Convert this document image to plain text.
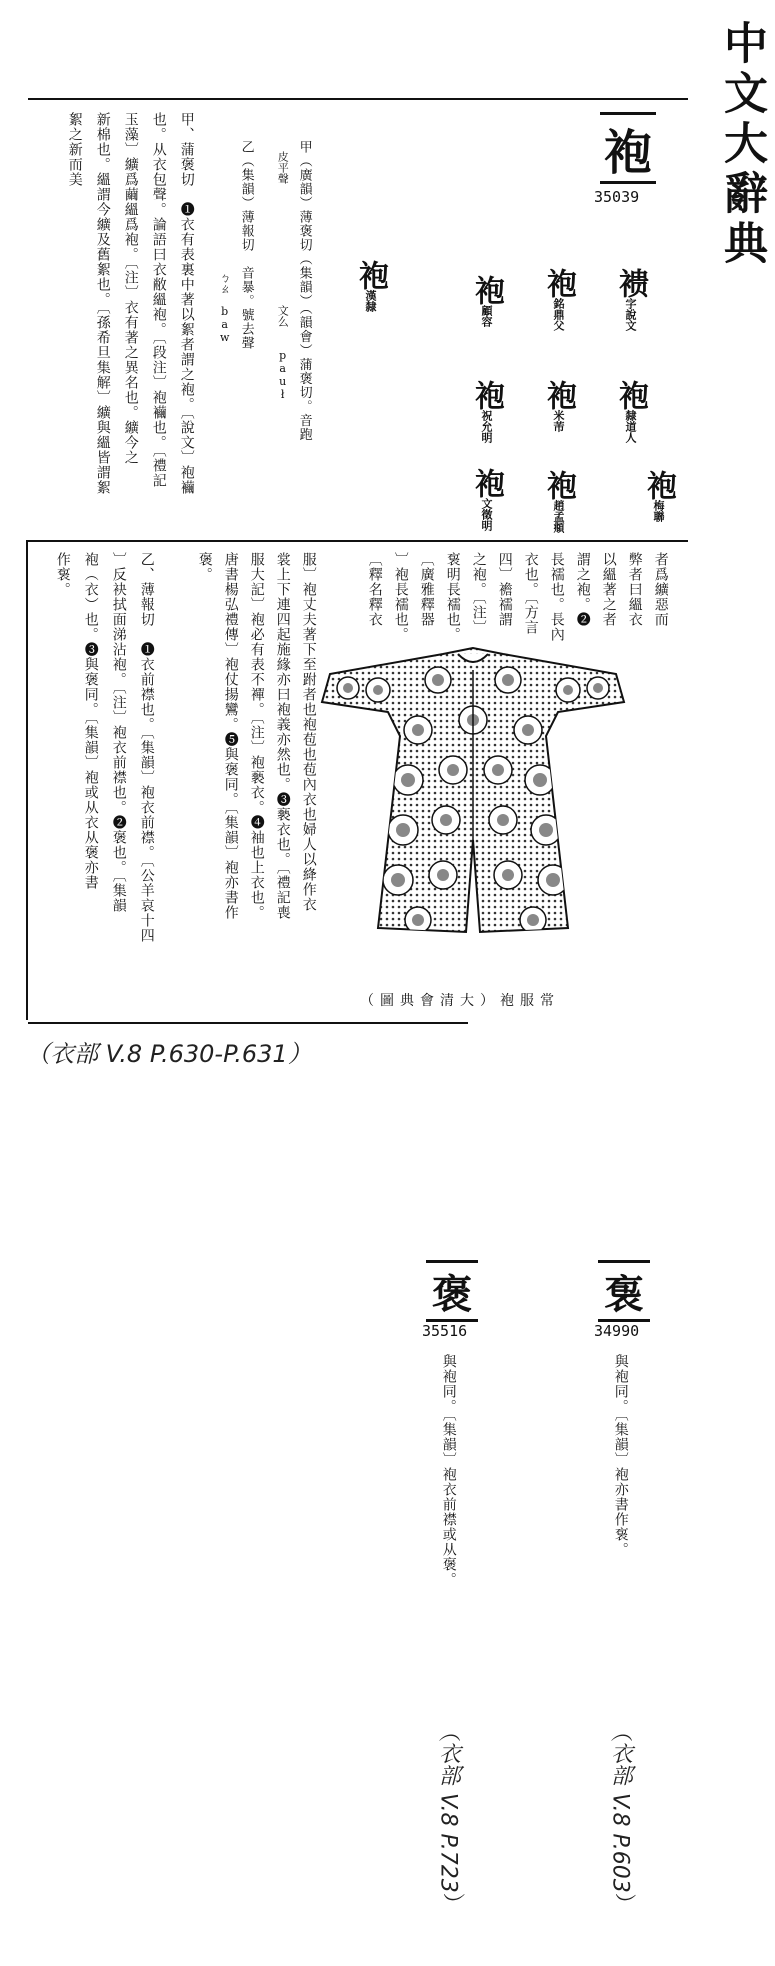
中文大辭典
袍
35039
䙌字說文
袍隸道人
袍梅聯
袍銘鼎父
袍米芾
袍趙孟頫
袍顧容
袍祝允明
袍文徵明
袍漢隸
甲（廣韻）薄褒切（集韻）（韻會）蒲褒切。音跑
　皮平聲　　　　　　　　　　　文么　　pauł
乙（集韻）薄報切　音暴。號去聲
　　　　　　　　　　　　ㄅㄠ　baw
甲、蒲褒切　❶衣有表裏中著以絮者謂之袍。〔說文〕袍襺
也。从衣包聲。論語曰衣敝縕袍。〔段注〕袍襺也。〔禮記
玉藻〕纊爲繭縕爲袍。〔注〕衣有著之異名也。纊今之
新棉也。縕謂今纊及舊絮也。〔孫希旦集解〕纊與縕皆謂絮
絮之新而美
者爲纊惡而
弊者曰縕衣
以縕著之者
謂之袍。❷
長襦也。長內
衣也。〔方言
四〕襜襦謂
之袍。〔注〕
袌明長襦也。
〔廣雅釋器
〕袍長襦也。
〔釋名釋衣
常服袍（大清會典圖）
服〕袍丈夫著下至跗者也袍苞也苞內衣也婦人以絳作衣
裳上下連四起施緣亦曰袍義亦然也。❸褻衣也。〔禮記喪
服大記〕袍必有表不襌。〔注〕袍褻衣。❹袖也上衣也。
唐書楊弘禮傳〕袍仗揚鸞。❺與褒同。〔集韻〕袍亦書作
褒。
乙、薄報切　❶衣前襟也。〔集韻〕袍衣前襟。〔公羊哀十四
〕反袂拭面涕沾袍。〔注〕袍衣前襟也。❷褒也。〔集韻
袍（衣）也。❸與褒同。〔集韻〕袍或从衣从褒亦書
作袌。
（衣部 V.8 P.630-P.631）
袌
34990
與袍同。〔集韻〕袍亦書作袌。
（衣部 V.8 P.603）
褒
35516
與袍同。〔集韻〕袍衣前襟或从褒。
（衣部 V.8 P.723）
